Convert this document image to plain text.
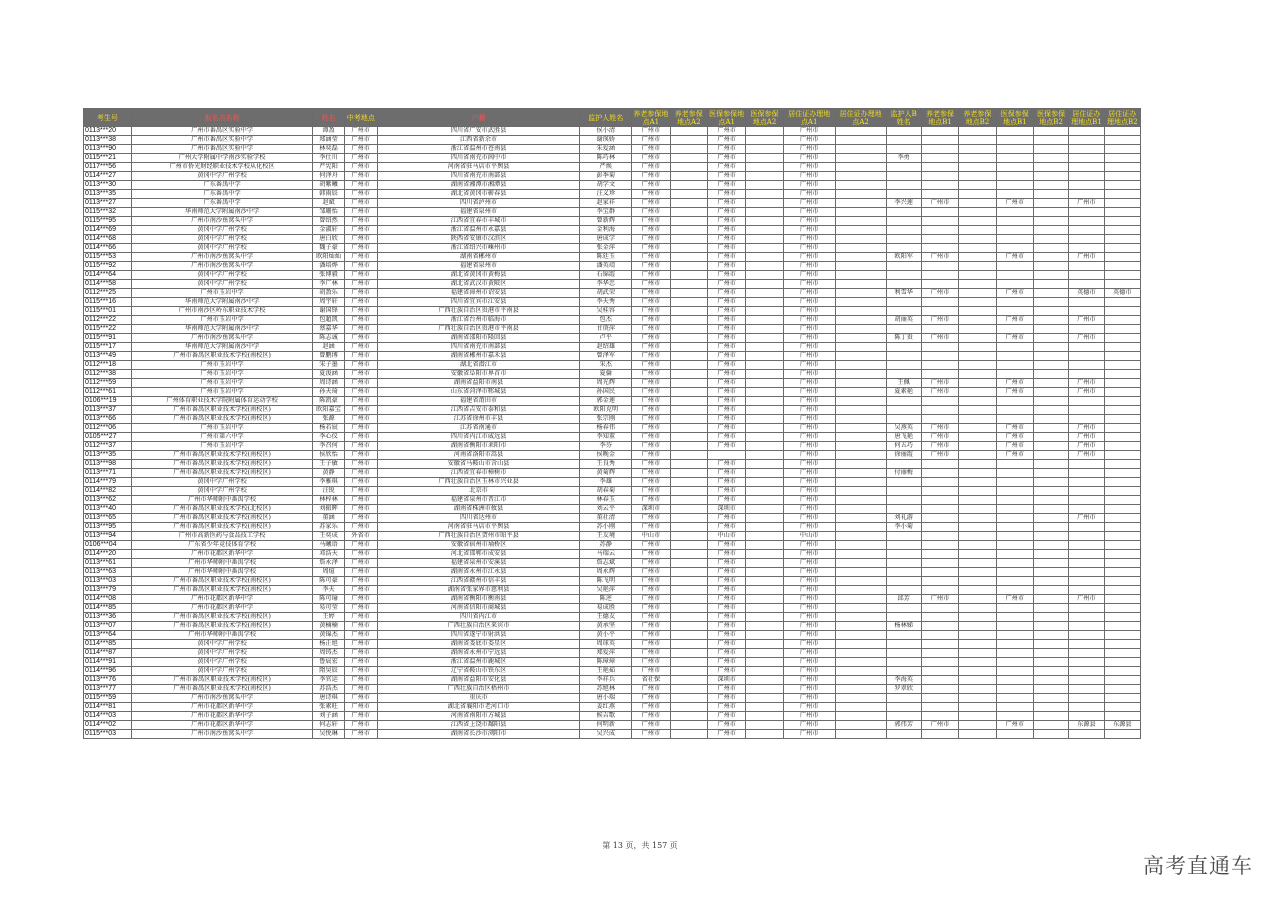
考生号	报名点名称	姓名	中考地点	户籍	监护人姓名	养老参保地点A1	养老参保地点A2	医保参保地点A1	医保参保地点A2	居住证办理地点A1	居住证办理地点A2	监护人B姓名	养老参保地点B1	养老参保地点B2	医保参保地点B1	医保参保地点B2	居住证办理地点B1	居住证办理地点B2
0113***20	广州市番禺区实验中学	谭盈	广州市	四川省广安市武胜县	侯小清	广州市		广州市		广州市								
0113***38	广州市番禺区实验中学	郑涵莹	广州市	江西省新余市	谢瑛娇	广州市		广州市		广州市								
0113***90	广州市番禺区实验中学	林奕磊	广州市	浙江省温州市苍南县	朱爱涵	广州市		广州市		广州市								
0115***21	广州大学附属中学南沙实验学校	李仕川	广州市	四川省南充市阆中市	陈巧林	广州市		广州市		广州市		李勇						
0117***56	广州市侨光财经职业技术学校从化校区	严宪阳	广州市	河南省驻马店市平舆县	严焕	广州市		广州市		广州市								
0114***27	黄冈中学广州学校	何泽舟	广州市	四川省南充市南部县	彭季菊	广州市		广州市		广州市								
0113***30	广东番禺中学	胡紫曦	广州市	湖南省湘潭市湘潭县	胡学文	广州市		广州市		广州市								
0113***35	广东番禺中学	韩雨辰	广州市	湖北省黄冈市蕲春县	汪义珍	广州市		广州市		广州市								
0113***27	广东番禺中学	赵斌	广州市	四川省泸州市	赵家祥	广州市		广州市		广州市		李兴莲	广州市		广州市		广州市	
0115***32	华南师范大学附属南沙中学	邹珊怡	广州市	福建省泉州市	李宝群	广州市		广州市		广州市								
0115***95	广州市南沙鱼窝头中学	曾绍然	广州市	江西省宜春市丰城市	曾新辉	广州市		广州市		广州市								
0114***69	黄冈中学广州学校	金淑轩	广州市	浙江省温州市永嘉县	金利海	广州市		广州市		广州市								
0114***68	黄冈中学广州学校	唐白欣	广州市	陕西省安康市汉滨区	唐成学	广州市		广州市		广州市								
0114***66	黄冈中学广州学校	魏子豪	广州市	浙江省绍兴市嵊州市	张金萍	广州市		广州市		广州市								
0115***53	广州市南沙鱼窝头中学	欧阳灿灿	广州市	湖南省郴州市	陈廷玉	广州市		广州市		广州市		欧阳军	广州市		广州市		广州市	
0115***92	广州市南沙鱼窝头中学	潘培烨	广州市	福建省泉州市	潘英靖	广州市		广州市		广州市								
0114***64	黄冈中学广州学校	张博毅	广州市	湖北省黄冈市黄梅县	石锦霞	广州市		广州市		广州市								
0114***58	黄冈中学广州学校	李广林	广州市	湖北省武汉市黄陂区	李华忠	广州市		广州市		广州市								
0112***25	广州市玉岩中学	胡盈乐	广州市	福建省漳州市诏安县	胡武荣	广州市		广州市		广州市		利雪华	广州市		广州市		英德市	英德市
0115***16	华南师范大学附属南沙中学	周宇轩	广州市	四川省宜宾市江安县	李天秀	广州市		广州市		广州市								
0115***01	广州市南沙区岭东职业技术学校	谢国锋	广州市	广西壮族自治区贵港市平南县	吴桂容	广州市		广州市		广州市								
0112***22	广州市玉岩中学	包超凯	广州市	浙江省台州市临海市	包杰	广州市		广州市		广州市		胡丽英	广州市		广州市		广州市	
0115***22	华南师范大学附属南沙中学	蔡嘉华	广州市	广西壮族自治区贵港市平南县	甘庚萍	广州市		广州市		广州市								
0115***91	广州市南沙鱼窝头中学	陈志诚	广州市	湖南省邵阳市隆回县	卢平	广州市		广州市		广州市		陈丁贵	广州市		广州市		广州市	
0115***17	华南师范大学附属南沙中学	赵涵	广州市	四川省南充市南部县	赵绍雄	广州市		广州市		广州市								
0113***49	广州市番禺区职业技术学校(南校区)	曾鹏博	广州市	湖南省郴州市嘉禾县	曾泽军	广州市		广州市		广州市								
0112***18	广州市玉岩中学	宋子墨	广州市	湖北省潜江市	宋杰	广州市		广州市		广州市								
0112***38	广州市玉岩中学	夏浚涵	广州市	安徽省阜阳市界首市	夏倫	广州市		广州市		广州市								
0112***59	广州市玉岩中学	周诗涵	广州市	湖南省益阳市南县	周光辉	广州市		广州市		广州市		王佩	广州市		广州市		广州市	
0112***61	广州市玉岩中学	孙天琦	广州市	山东省菏泽市郓城县	孙国民	广州市		广州市		广州市		夏素艳	广州市		广州市		广州市	
0106***19	广州体育职业技术学院附属体育运动学校	陈凯豪	广州市	福建省莆田市	郭金莲	广州市		广州市		广州市								
0113***37	广州市番禺区职业技术学校(南校区)	欧阳嘉宝	广州市	江西省吉安市泰和县	欧阳克明	广州市		广州市		广州市								
0113***66	广州市番禺区职业技术学校(南校区)	张源	广州市	江苏省徐州市丰县	张宗刚	广州市		广州市		广州市								
0112***06	广州市玉岩中学	杨若宸	广州市	江苏省南通市	杨春伟	广州市		广州市		广州市		吴燕英	广州市		广州市		广州市	
0105***27	广州市第六中学	李心仪	广州市	四川省内江市威远县	李知董	广州市		广州市		广州市		唐飞艳	广州市		广州市		广州市	
0112***37	广州市玉岩中学	李召何	广州市	湖南省衡阳市耒阳市	李芬	广州市		广州市		广州市		何五巧	广州市		广州市		广州市	
0113***35	广州市番禺区职业技术学校(南校区)	侯欣怡	广州市	河南省洛阳市嵩县	侯晚金	广州市				广州市		徐丽霞	广州市		广州市		广州市	
0113***98	广州市番禺区职业技术学校(南校区)	王子敏	广州市	安徽省马鞍山市含山县	王良秀	广州市		广州市		广州市								
0113***71	广州市番禺区职业技术学校(南校区)	黄静	广州市	江西省宜春市樟树市	黄菊辉	广州市		广州市		广州市		付丽梅						
0114***79	黄冈中学广州学校	李雅琪	广州市	广西壮族自治区玉林市兴业县	李雄	广州市		广州市		广州市								
0114***82	黄冈中学广州学校	汪锐	广州市	北京市	胡春菊	广州市		广州市		广州市								
0113***62	广州市华师附中番禺学校	林梓林	广州市	福建省泉州市晋江市	林春玉	广州市		广州市		广州市								
0113***40	广州市番禺区职业技术学校(北校区)	刘振晖	广州市	湖南省株洲市攸县	刘云平	深圳市		深圳市		广州市								
0113***65	广州市番禺区职业技术学校(南校区)	董涵	广州市	四川省达州市	董社清	广州市		广州市		广州市		刘礼游					广州市	
0113***95	广州市番禺区职业技术学校(南校区)	苏家乐	广州市	河南省驻马店市平舆县	苏小刚	广州市		广州市		广州市		李小菊						
0113***94	广州市高新医药与食品技工学校	王奕成	外省市	广西壮族自治区贺州市昭平县	王友境	中山市		中山市		中山市								
0106***04	广东省少年竞技体育学校	马曦语	广州市	安徽省宿州市埇桥区	苏静	广州市		广州市		广州市								
0114***20	广州市花都区新华中学	邓浩天	广州市	河北省邯郸市成安县	马瑞云	广州市		广州市		广州市								
0113***61	广州市华师附中番禺学校	詹永泽	广州市	福建省泉州市安溪县	詹志斌	广州市		广州市		广州市								
0113***63	广州市华师附中番禺学校	周煊	广州市	湖南省永州市江永县	周永辉	广州市		广州市		广州市								
0113***03	广州市番禺区职业技术学校(南校区)	陈可豪	广州市	江西省赣州市信丰县	陈飞明	广州市		广州市		广州市								
0113***79	广州市番禺区职业技术学校(南校区)	李天	广州市	湖南省张家界市慈利县	吴艳萍	广州市		广州市		广州市								
0114***08	广州市花都区新华中学	陈可瑜	广州市	湖南省衡阳市衡南县	陈逆	广州市		广州市		广州市		邱芳	广州市		广州市		广州市	
0114***85	广州市花都区新华中学	易可莹	广州市	河南省信阳市商城县	易成胜	广州市		广州市		广州市								
0113***36	广州市番禺区职业技术学校(南校区)	王婷	广州市	四川省内江市	王德友	广州市		广州市		广州市								
0113***07	广州市番禺区职业技术学校(南校区)	黄楠楠	广州市	广西壮族自治区来宾市	黄承坚	广州市		广州市		广州市		杨林娣						
0113***64	广州市华师附中番禺学校	黄锦杰	广州市	四川省遂宁市射洪县	黄小平	广州市		广州市		广州市								
0114***85	黄冈中学广州学校	杨正旭	广州市	湖南省娄底市娄星区	周球英	广州市		广州市		广州市								
0114***87	黄冈中学广州学校	周铸杰	广州市	湖南省永州市宁远县	郑爱萍	广州市		广州市		广州市								
0114***91	黄冈中学广州学校	鲁宸宏	广州市	浙江省温州市鹿城区	陈璋璋	广州市		广州市		广州市								
0114***96	黄冈中学广州学校	隋昊辰	广州市	辽宁省鞍山市铁东区	王艳茹	广州市		广州市		广州市								
0113***76	广州市番禺区职业技术学校(南校区)	李官运	广州市	湖南省益阳市安化县	李祥兵	省社保		深圳市		广州市		李海英						
0113***77	广州市番禺区职业技术学校(南校区)	苏浩杰	广州市	广西壮族自治区梧州市	苏旭林	广州市		广州市		广州市		罗翠欣						
0115***59	广州市南沙鱼窝头中学	唐诗琪	广州市	重庆市	唐小瑞	广州市		广州市		广州市								
0114***81	广州市花都区新华中学	张素旺	广州市	湖北省襄阳市老河口市	姜红燕	广州市		广州市		广州市								
0114***03	广州市花都区新华中学	刘子涵	广州市	河南省南阳市方城县	候吉歌	广州市		广州市		广州市								
0114***02	广州市花都区新华中学	何志轩	广州市	江西省上饶市鄱阳县	何明新	广州市		广州市		广州市		郭伟芳	广州市		广州市		东源县	东源县
0115***03	广州市南沙鱼窝头中学	吴悦琳	广州市	湖南省长沙市浏阳市	吴兴成	广州市		广州市		广州市								
第 13 页，共 157 页
高考直通车
